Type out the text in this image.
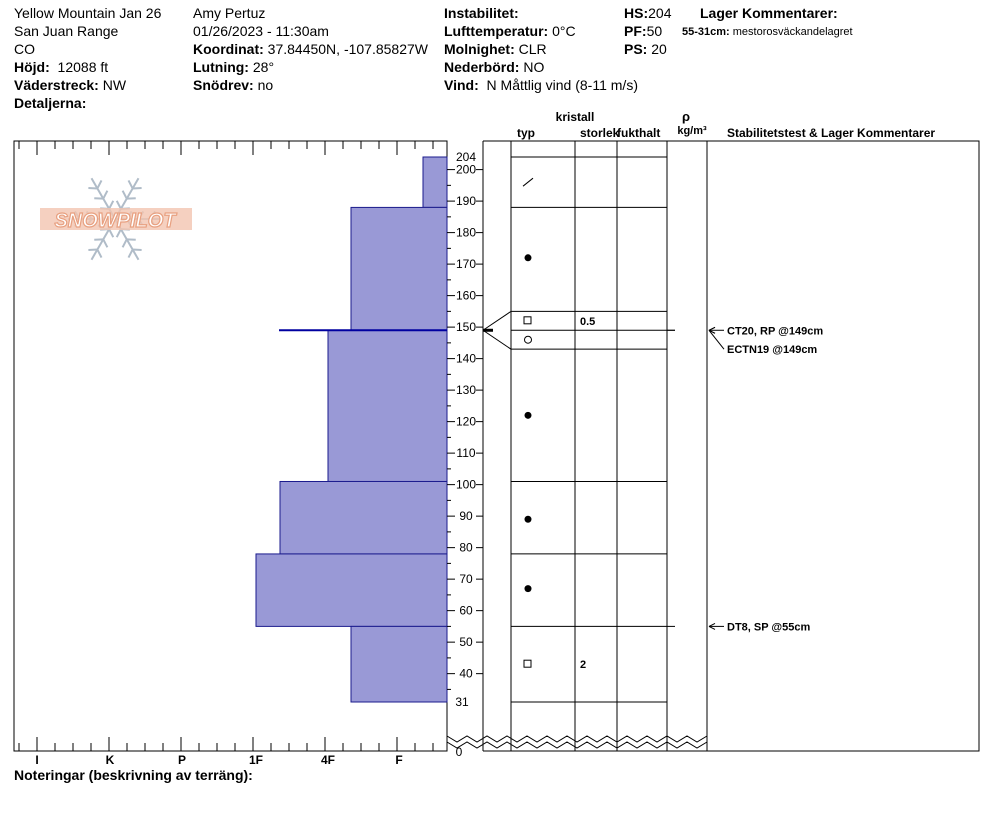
Yellow Mountain Jan 26
San Juan Range
CO
Höjd: 12088 ft
Väderstreck: NW
Detaljerna:
Amy Pertuz
01/26/2023 - 11:30am
Koordinat: 37.84450N, -107.85827W
Lutning: 28°
Snödrev: no
Instabilitet:
Lufttemperatur: 0°C
Molnighet: CLR
Nederbörd: NO
Vind: N Måttlig vind (8-11 m/s)
HS:204
PF:50
PS: 20
Lager Kommentarer:
55-31cm: mestorosväckandelagret
SNOWPILOT
I	K	P	1F	4F	F
40
50
60
70
80
90
100
110
120
130
140
150
160
170
180
190
200
204
31
0
0.5
2
kristall
typ	storlek
fukthalt
ρ
kg/m³ Stabilitetstest & Lager Kommentarer
CT20, RP @149cm
ECTN19 @149cm
DT8, SP @55cm
Noteringar (beskrivning av terräng):
